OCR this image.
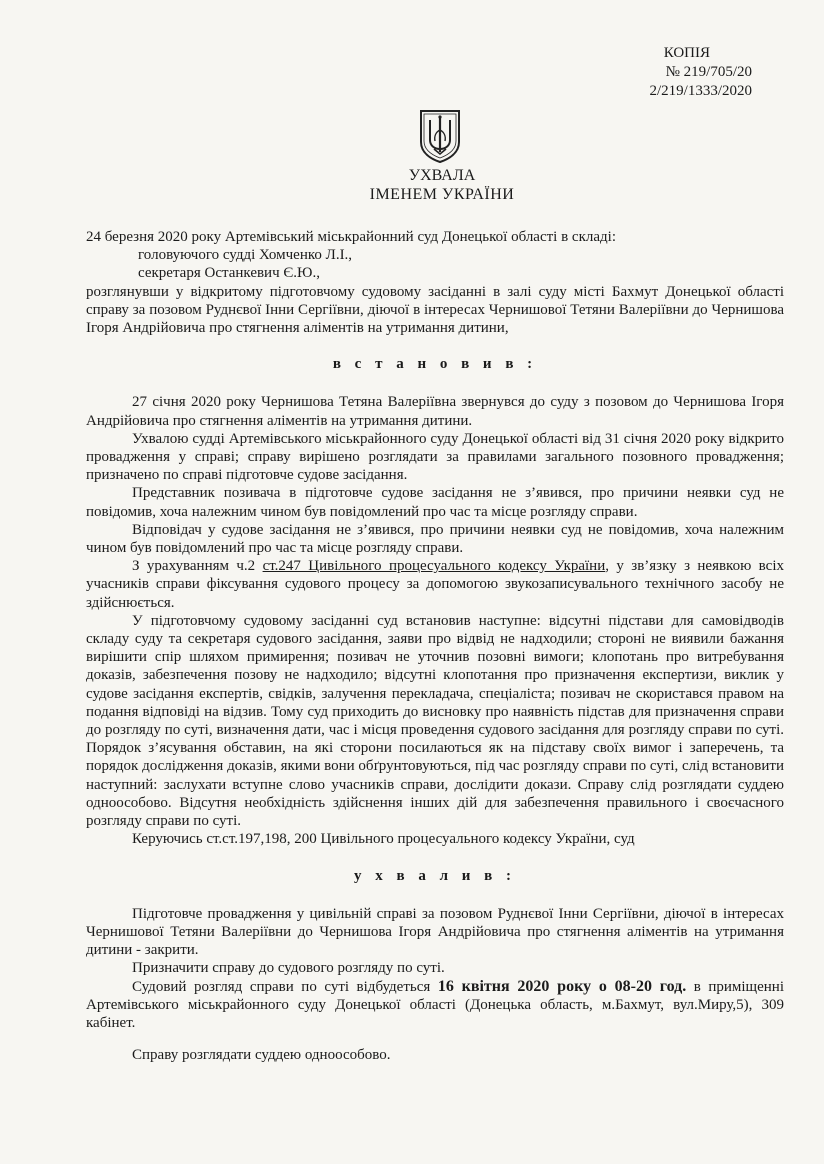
КОПІЯ
№ 219/705/20
2/219/1333/2020
УХВАЛА
ІМЕНЕМ УКРАЇНИ

24 березня 2020 року Артемівський міськрайонний суд Донецької області в складі:

головуючого судді Хомченко Л.І.,

секретаря Останкевич Є.Ю.,

розглянувши у відкритому підготовчому судовому засіданні в залі суду місті Бахмут Донецької області справу за позовом Руднєвої Інни Сергіївни, діючої в інтересах Чернишової Тетяни Валеріївни до Чернишова Ігоря Андрійовича про стягнення аліментів на утримання дитини,

в с т а н о в и в :

27 січня 2020 року Чернишова Тетяна Валеріївна звернувся до суду з позовом до Чернишова Ігоря Андрійовича про стягнення аліментів на утримання дитини.

Ухвалою судді Артемівського міськрайонного суду Донецької області від 31 січня 2020 року відкрито провадження у справі; справу вирішено розглядати за правилами загального позовного провадження; призначено по справі підготовче судове засідання.

Представник позивача в підготовче судове засідання не з’явився, про причини неявки суд не повідомив, хоча належним чином був повідомлений про час та місце розгляду справи.

Відповідач у судове засідання не з’явився, про причини неявки суд не повідомив, хоча належним чином був повідомлений про час та місце розгляду справи.

З урахуванням ч.2 ст.247 Цивільного процесуального кодексу України, у зв’язку з неявкою всіх учасників справи фіксування судового процесу за допомогою звукозаписувального технічного засобу не здійснюється.

У підготовчому судовому засіданні суд встановив наступне: відсутні підстави для самовідводів складу суду та секретаря судового засідання, заяви про відвід не надходили; стороні не виявили бажання вирішити спір шляхом примирення; позивач не уточнив позовні вимоги; клопотань про витребування доказів, забезпечення позову не надходило; відсутні клопотання про призначення експертизи, виклик у судове засідання експертів, свідків, залучення перекладача, спеціаліста; позивач не скористався правом на подання відповіді на відзив. Тому суд приходить до висновку про наявність підстав для призначення справи до розгляду по суті, визначення дати, час і місця проведення судового засідання для розгляду справи по суті. Порядок з’ясування обставин, на які сторони посилаються як на підставу своїх вимог і заперечень, та порядок дослідження доказів, якими вони обґрунтовуються, під час розгляду справи по суті, слід встановити наступний: заслухати вступне слово учасників справи, дослідити докази. Справу слід розглядати суддею одноособово. Відсутня необхідність здійснення інших дій для забезпечення правильного і своєчасного розгляду справи по суті.

Керуючись ст.ст.197,198, 200 Цивільного процесуального кодексу України, суд

у х в а л и в :

Підготовче провадження у цивільній справі за позовом Руднєвої Інни Сергіївни, діючої в інтересах Чернишової Тетяни Валеріївни до Чернишова Ігоря Андрійовича про стягнення аліментів на утримання дитини - закрити.

Призначити справу до судового розгляду по суті.

Судовий розгляд справи по суті відбудеться 16 квітня 2020 року о 08-20 год. в приміщенні Артемівського міськрайонного суду Донецької області (Донецька область, м.Бахмут, вул.Миру,5), 309 кабінет.

Справу розглядати суддею одноособово.
